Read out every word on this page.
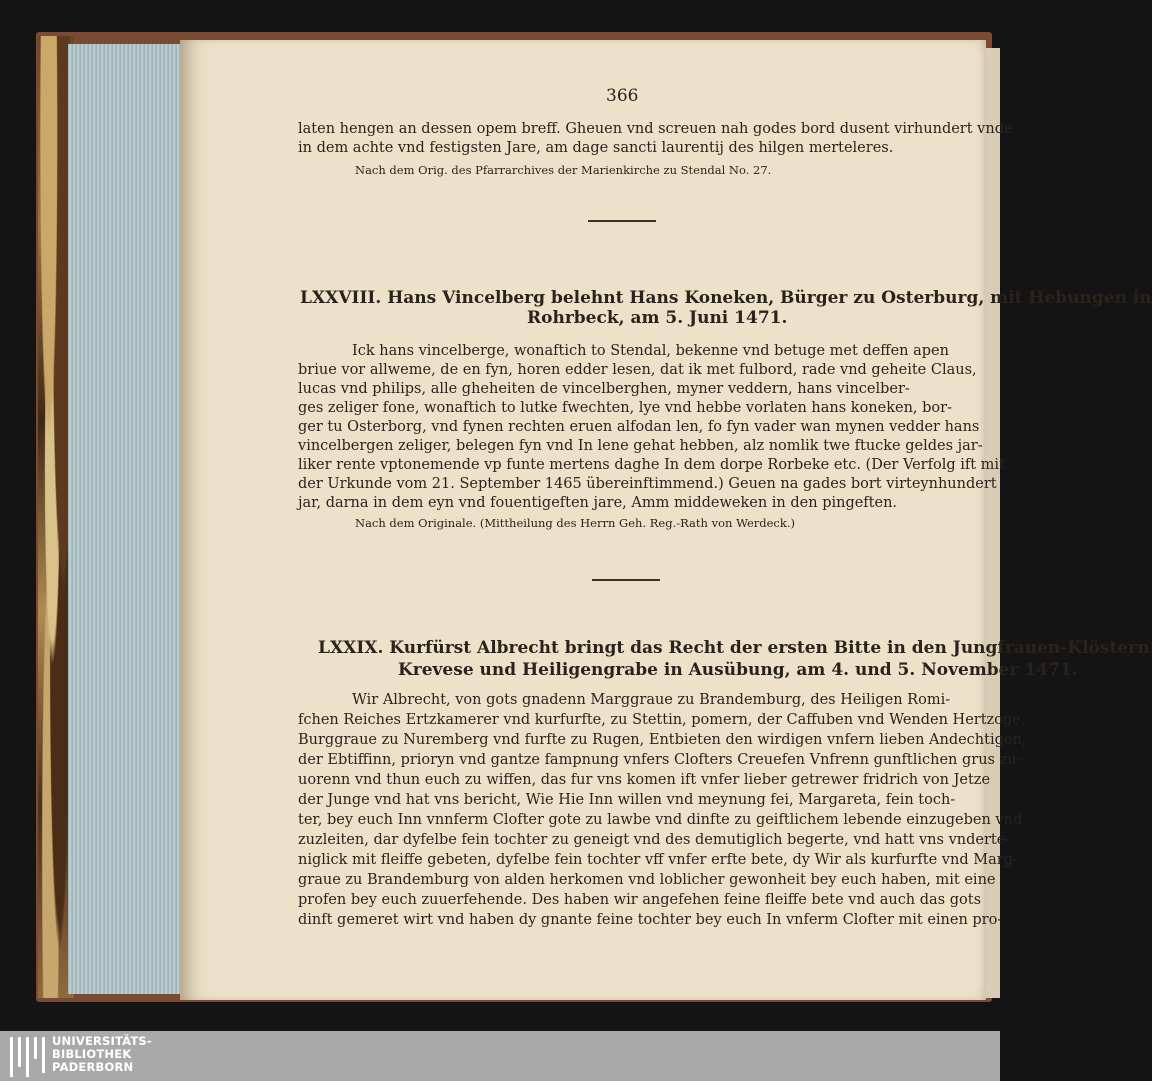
366
laten hengen an dessen opem breff. Gheuen vnd screuen nah godes bord dusent virhundert vnde
in dem achte vnd festigsten Jare, am dage sancti laurentij des hilgen merteleres.
Nach dem Orig. des Pfarrarchives der Marienkirche zu Stendal No. 27.
LXXVIII. Hans Vincelberg belehnt Hans Koneken, Bürger zu Osterburg, mit Hebungen in
Rohrbeck, am 5. Juni 1471.
Ick hans vincelberge, wonaftich to Stendal, bekenne vnd betuge met deffen apen
briue vor allweme, de en fyn, horen edder lesen, dat ik met fulbord, rade vnd geheite Claus,
lucas vnd philips, alle gheheiten de vincelberghen, myner veddern, hans vincelber-
ges zeliger fone, wonaftich to lutke fwechten, lye vnd hebbe vorlaten hans koneken, bor-
ger tu Osterborg, vnd fynen rechten eruen alfodan len, fo fyn vader wan mynen vedder hans
vincelbergen zeliger, belegen fyn vnd In lene gehat hebben, alz nomlik twe ftucke geldes jar-
liker rente vptonemende vp funte mertens daghe In dem dorpe Rorbeke etc. (Der Verfolg ift mit
der Urkunde vom 21. September 1465 übereinftimmend.) Geuen na gades bort virteynhundert
jar, darna in dem eyn vnd fouentigeften jare, Amm middeweken in den pingeften.
Nach dem Originale. (Mittheilung des Herrn Geh. Reg.-Rath von Werdeck.)
LXXIX. Kurfürst Albrecht bringt das Recht der ersten Bitte in den Jungfrauen-Klöstern
Krevese und Heiligengrabe in Ausübung, am 4. und 5. November 1471.
Wir Albrecht, von gots gnadenn Marggraue zu Brandemburg, des Heiligen Romi-
fchen Reiches Ertzkamerer vnd kurfurfte, zu Stettin, pomern, der Caffuben vnd Wenden Hertzoge,
Burggraue zu Nuremberg vnd furfte zu Rugen, Entbieten den wirdigen vnfern lieben Andechtigen,
der Ebtiffinn, prioryn vnd gantze fampnung vnfers Clofters Creuefen Vnfrenn gunftlichen grus zu-
uorenn vnd thun euch zu wiffen, das fur vns komen ift vnfer lieber getrewer fridrich von Jetze
der Junge vnd hat vns bericht, Wie Hie Inn willen vnd meynung fei, Margareta, fein toch-
ter, bey euch Inn vnnferm Clofter gote zu lawbe vnd dinfte zu geiftlichem lebende einzugeben vnd
zuzleiten, dar dyfelbe fein tochter zu geneigt vnd des demutiglich begerte, vnd hatt vns vnderte-
niglick mit fleiffe gebeten, dyfelbe fein tochter vff vnfer erfte bete, dy Wir als kurfurfte vnd Marg-
graue zu Brandemburg von alden herkomen vnd loblicher gewonheit bey euch haben, mit eine
profen bey euch zuuerfehende. Des haben wir angefehen feine fleiffe bete vnd auch das gots
dinft gemeret wirt vnd haben dy gnante feine tochter bey euch In vnferm Clofter mit einen pro-
UNIVERSITÄTS-
BIBLIOTHEK
PADERBORN
